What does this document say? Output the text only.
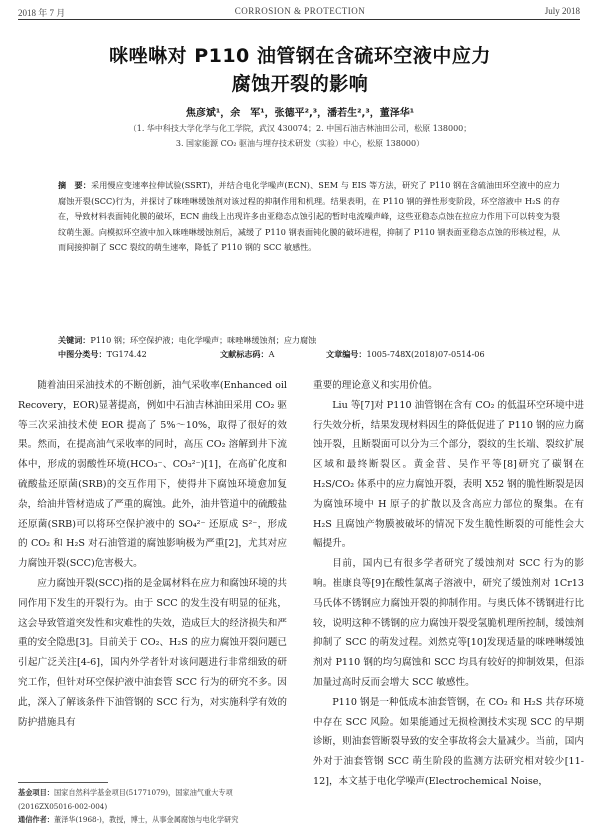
2018 年 7 月	CORROSION & PROTECTION	July 2018
咪唑啉对 P110 油管钢在含硫环空液中应力
腐蚀开裂的影响
焦彦斌¹，余　军¹，张德平²,³，潘若生²,³，董泽华¹
（1. 华中科技大学化学与化工学院，武汉 430074；2. 中国石油吉林油田公司，松原 138000；
3. 国家能源 CO₂ 驱油与埋存技术研发（实验）中心，松原 138000）
摘　要：采用慢应变速率拉伸试验(SSRT)，并结合电化学噪声(ECN)、SEM 与 EIS 等方法，研究了 P110 钢在含硫油田环空液中的应力腐蚀开裂(SCC)行为，并探讨了咪唑啉缓蚀剂对该过程的抑制作用和机理。结果表明，在 P110 钢的弹性形变阶段，环空溶液中 H₂S 的存在，导致材料表面钝化膜的破坏，ECN 曲线上出现许多由亚稳态点蚀引起的暂时电流噪声峰，这些亚稳态点蚀在拉应力作用下可以转变为裂纹萌生源。向模拟环空液中加入咪唑啉缓蚀剂后，减缓了 P110 钢表面钝化膜的破坏进程，抑制了 P110 钢表面亚稳态点蚀的形核过程，从而间接抑制了 SCC 裂纹的萌生速率，降低了 P110 钢的 SCC 敏感性。
关键词：P110 钢；环空保护液；电化学噪声；咪唑啉缓蚀剂；应力腐蚀
中图分类号： TG174.42	文献标志码： A	文章编号： 1005-748X(2018)07-0514-06

随着油田采油技术的不断创新，油气采收率(Enhanced oil Recovery，EOR)显著提高，例如中石油吉林油田采用 CO₂ 驱等三次采油技术使 EOR 提高了 5%～10%，取得了很好的效果。然而，在提高油气采收率的同时，高压 CO₂ 溶解到井下流体中，形成的弱酸性环境(HCO₃⁻、CO₃²⁻)[1]，在高矿化度和硫酸盐还原菌(SRB)的交互作用下，使得井下腐蚀环境愈加复杂，给油井管材造成了严重的腐蚀。此外，油井管道中的硫酸盐还原菌(SRB)可以将环空保护液中的 SO₄²⁻ 还原成 S²⁻，形成的 CO₂ 和 H₂S 对石油管道的腐蚀影响极为严重[2]，尤其对应力腐蚀开裂(SCC)危害极大。

应力腐蚀开裂(SCC)指的是金属材料在应力和腐蚀环境的共同作用下发生的开裂行为。由于 SCC 的发生没有明显的征兆，这会导致管道突发性和灾难性的失效，造成巨大的经济损失和严重的安全隐患[3]。目前关于 CO₂、H₂S 的应力腐蚀开裂问题已引起广泛关注[4-6]，国内外学者针对该问题进行非常细致的研究工作，但针对环空保护液中油套管 SCC 行为的研究不多。因此，深入了解该条件下油管钢的 SCC 行为，对实施科学有效的防护措施具有

重要的理论意义和实用价值。

Liu 等[7]对 P110 油管钢在含有 CO₂ 的低温环空环境中进行失效分析，结果发现材料因生的降低促进了 P110 钢的应力腐蚀开裂，且断裂面可以分为三个部分，裂纹的生长端、裂纹扩展区域和最终断裂区。黄金营、吴作平等[8]研究了碳钢在 H₂S/CO₂ 体系中的应力腐蚀开裂，表明 X52 钢的脆性断裂是因为腐蚀环境中 H 原子的扩散以及含高应力部位的聚集。在有 H₂S 且腐蚀产物膜被破坏的情况下发生脆性断裂的可能性会大幅提升。

目前，国内已有很多学者研究了缓蚀剂对 SCC 行为的影响。崔康良等[9]在酸性氯离子溶液中，研究了缓蚀剂对 1Cr13 马氏体不锈钢应力腐蚀开裂的抑制作用。与奥氏体不锈钢进行比较，说明这种不锈钢的应力腐蚀开裂受氢脆机理所控制，缓蚀剂抑制了 SCC 的萌发过程。刘然克等[10]发现适量的咪唑啉缓蚀剂对 P110 钢的均匀腐蚀和 SCC 均具有较好的抑制效果，但添加量过高时反而会增大 SCC 敏感性。

P110 钢是一种低成本油套管钢，在 CO₂ 和 H₂S 共存环境中存在 SCC 风险。如果能通过无损检测技术实现 SCC 的早期诊断，则油套管断裂导致的安全事故将会大量减少。当前，国内外对于油套管钢 SCC 萌生阶段的监测方法研究相对较少[11-12]，本文基于电化学噪声(Electrochemical Noise，

基金项目：国家自然科学基金项目(51771079)，国家油气重大专项(2016ZX05016-002-004)
通信作者：董泽华(1968-)，教授，博士，从事金属腐蚀与电化学研究
